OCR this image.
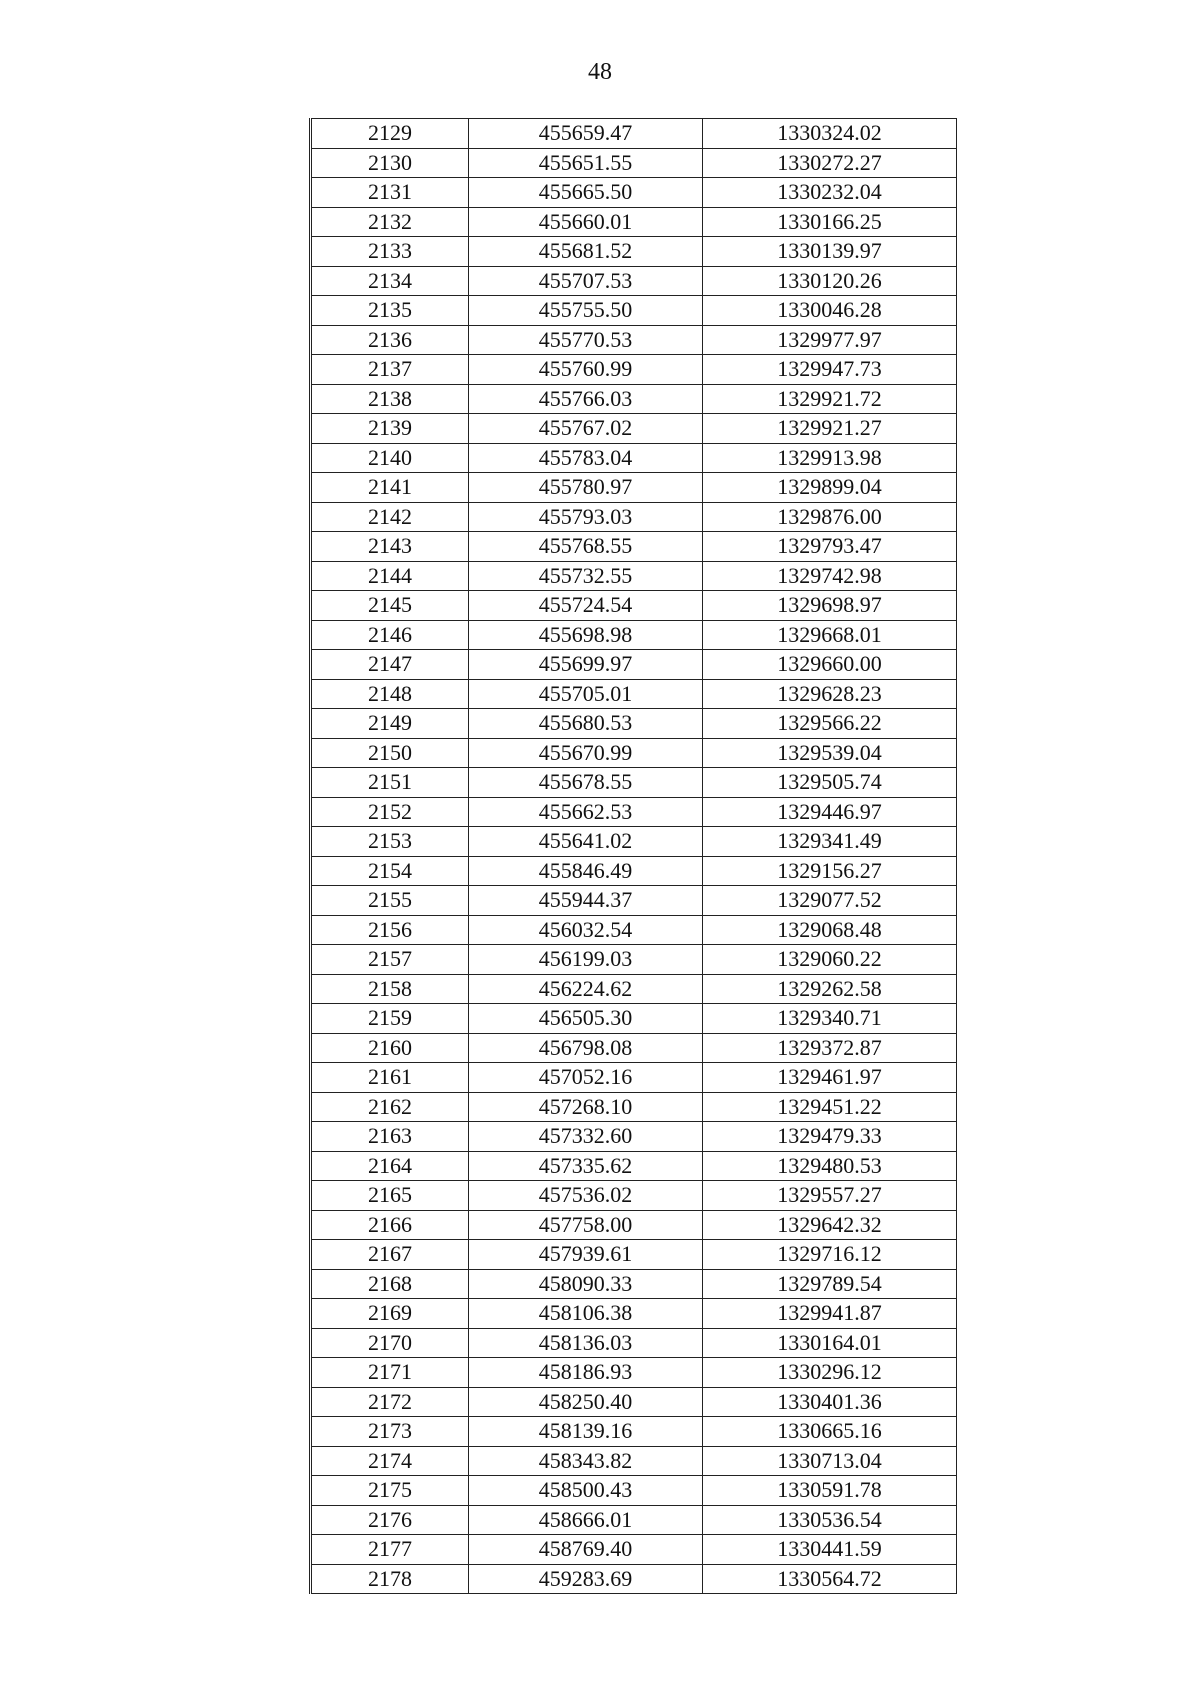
48
2129	455659.47	1330324.02
2130	455651.55	1330272.27
2131	455665.50	1330232.04
2132	455660.01	1330166.25
2133	455681.52	1330139.97
2134	455707.53	1330120.26
2135	455755.50	1330046.28
2136	455770.53	1329977.97
2137	455760.99	1329947.73
2138	455766.03	1329921.72
2139	455767.02	1329921.27
2140	455783.04	1329913.98
2141	455780.97	1329899.04
2142	455793.03	1329876.00
2143	455768.55	1329793.47
2144	455732.55	1329742.98
2145	455724.54	1329698.97
2146	455698.98	1329668.01
2147	455699.97	1329660.00
2148	455705.01	1329628.23
2149	455680.53	1329566.22
2150	455670.99	1329539.04
2151	455678.55	1329505.74
2152	455662.53	1329446.97
2153	455641.02	1329341.49
2154	455846.49	1329156.27
2155	455944.37	1329077.52
2156	456032.54	1329068.48
2157	456199.03	1329060.22
2158	456224.62	1329262.58
2159	456505.30	1329340.71
2160	456798.08	1329372.87
2161	457052.16	1329461.97
2162	457268.10	1329451.22
2163	457332.60	1329479.33
2164	457335.62	1329480.53
2165	457536.02	1329557.27
2166	457758.00	1329642.32
2167	457939.61	1329716.12
2168	458090.33	1329789.54
2169	458106.38	1329941.87
2170	458136.03	1330164.01
2171	458186.93	1330296.12
2172	458250.40	1330401.36
2173	458139.16	1330665.16
2174	458343.82	1330713.04
2175	458500.43	1330591.78
2176	458666.01	1330536.54
2177	458769.40	1330441.59
2178	459283.69	1330564.72
